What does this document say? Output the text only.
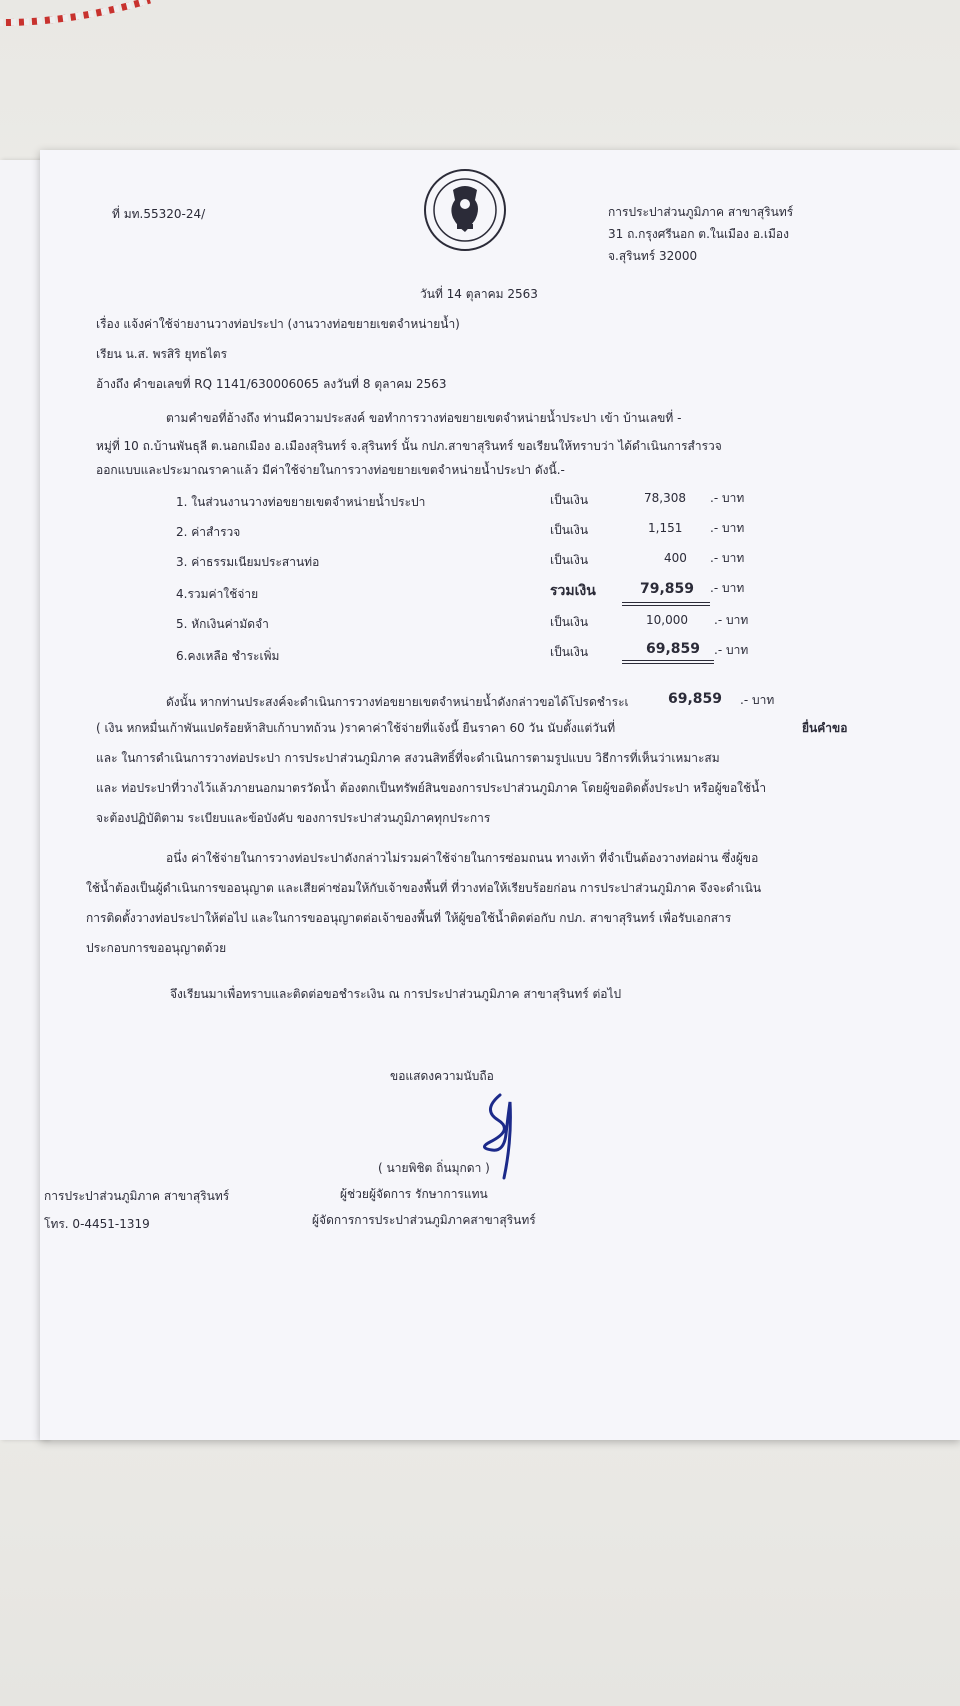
ที่ มท.55320-24/	การประปาส่วนภูมิภาค สาขาสุรินทร์
31 ถ.กรุงศรีนอก ต.ในเมือง อ.เมือง
จ.สุรินทร์ 32000
วันที่ 14 ตุลาคม 2563
เรื่อง แจ้งค่าใช้จ่ายงานวางท่อประปา (งานวางท่อขยายเขตจำหน่ายน้ำ)
เรียน น.ส. พรสิริ ยุทธไตร
อ้างถึง คำขอเลขที่ RQ 1141/630006065 ลงวันที่ 8 ตุลาคม 2563
ตามคำขอที่อ้างถึง ท่านมีความประสงค์ ขอทำการวางท่อขยายเขตจำหน่ายน้ำประปา เข้า บ้านเลขที่ -
หมู่ที่ 10 ถ.บ้านพันธุลี ต.นอกเมือง อ.เมืองสุรินทร์ จ.สุรินทร์ นั้น กปภ.สาขาสุรินทร์ ขอเรียนให้ทราบว่า ได้ดำเนินการสำรวจ
ออกแบบและประมาณราคาแล้ว มีค่าใช้จ่ายในการวางท่อขยายเขตจำหน่ายน้ำประปา ดังนี้.-
1. ในส่วนงานวางท่อขยายเขตจำหน่ายน้ำประปา	เป็นเงิน	78,308 .- บาท
2. ค่าสำรวจ	เป็นเงิน	1,151 .- บาท
3. ค่าธรรมเนียมประสานท่อ	เป็นเงิน	400 .- บาท
4.รวมค่าใช้จ่าย	รวมเงิน	79,859 .- บาท
5. หักเงินค่ามัดจำ	เป็นเงิน	10,000 .- บาท
6.คงเหลือ ชำระเพิ่ม	เป็นเงิน	69,859 .- บาท
ดังนั้น หากท่านประสงค์จะดำเนินการวางท่อขยายเขตจำหน่ายน้ำดังกล่าวขอได้โปรดชำระเ	69,859 .- บาท
( เงิน หกหมื่นเก้าพันแปดร้อยห้าสิบเก้าบาทถ้วน )ราคาค่าใช้จ่ายที่แจ้งนี้ ยืนราคา 60 วัน นับตั้งแต่วันที่	ยื่นคำขอ
และ ในการดำเนินการวางท่อประปา การประปาส่วนภูมิภาค สงวนสิทธิ์ที่จะดำเนินการตามรูปแบบ วิธีการที่เห็นว่าเหมาะสม
และ ท่อประปาที่วางไว้แล้วภายนอกมาตรวัดน้ำ ต้องตกเป็นทรัพย์สินของการประปาส่วนภูมิภาค โดยผู้ขอติดตั้งประปา หรือผู้ขอใช้น้ำ
จะต้องปฏิบัติตาม ระเบียบและข้อบังคับ ของการประปาส่วนภูมิภาคทุกประการ
อนึ่ง ค่าใช้จ่ายในการวางท่อประปาดังกล่าวไม่รวมค่าใช้จ่ายในการซ่อมถนน ทางเท้า ที่จำเป็นต้องวางท่อผ่าน ซึ่งผู้ขอ
ใช้น้ำต้องเป็นผู้ดำเนินการขออนุญาต และเสียค่าซ่อมให้กับเจ้าของพื้นที่ ที่วางท่อให้เรียบร้อยก่อน การประปาส่วนภูมิภาค จึงจะดำเนิน
การติดตั้งวางท่อประปาให้ต่อไป และในการขออนุญาตต่อเจ้าของพื้นที่ ให้ผู้ขอใช้น้ำติดต่อกับ กปภ. สาขาสุรินทร์ เพื่อรับเอกสาร
ประกอบการขออนุญาตด้วย
จึงเรียนมาเพื่อทราบและติดต่อขอชำระเงิน ณ การประปาส่วนภูมิภาค สาขาสุรินทร์ ต่อไป
ขอแสดงความนับถือ
( นายพิชิต ถิ่นมุกดา )
ผู้ช่วยผู้จัดการ รักษาการแทน
ผู้จัดการการประปาส่วนภูมิภาคสาขาสุรินทร์
การประปาส่วนภูมิภาค สาขาสุรินทร์
โทร. 0-4451-1319
